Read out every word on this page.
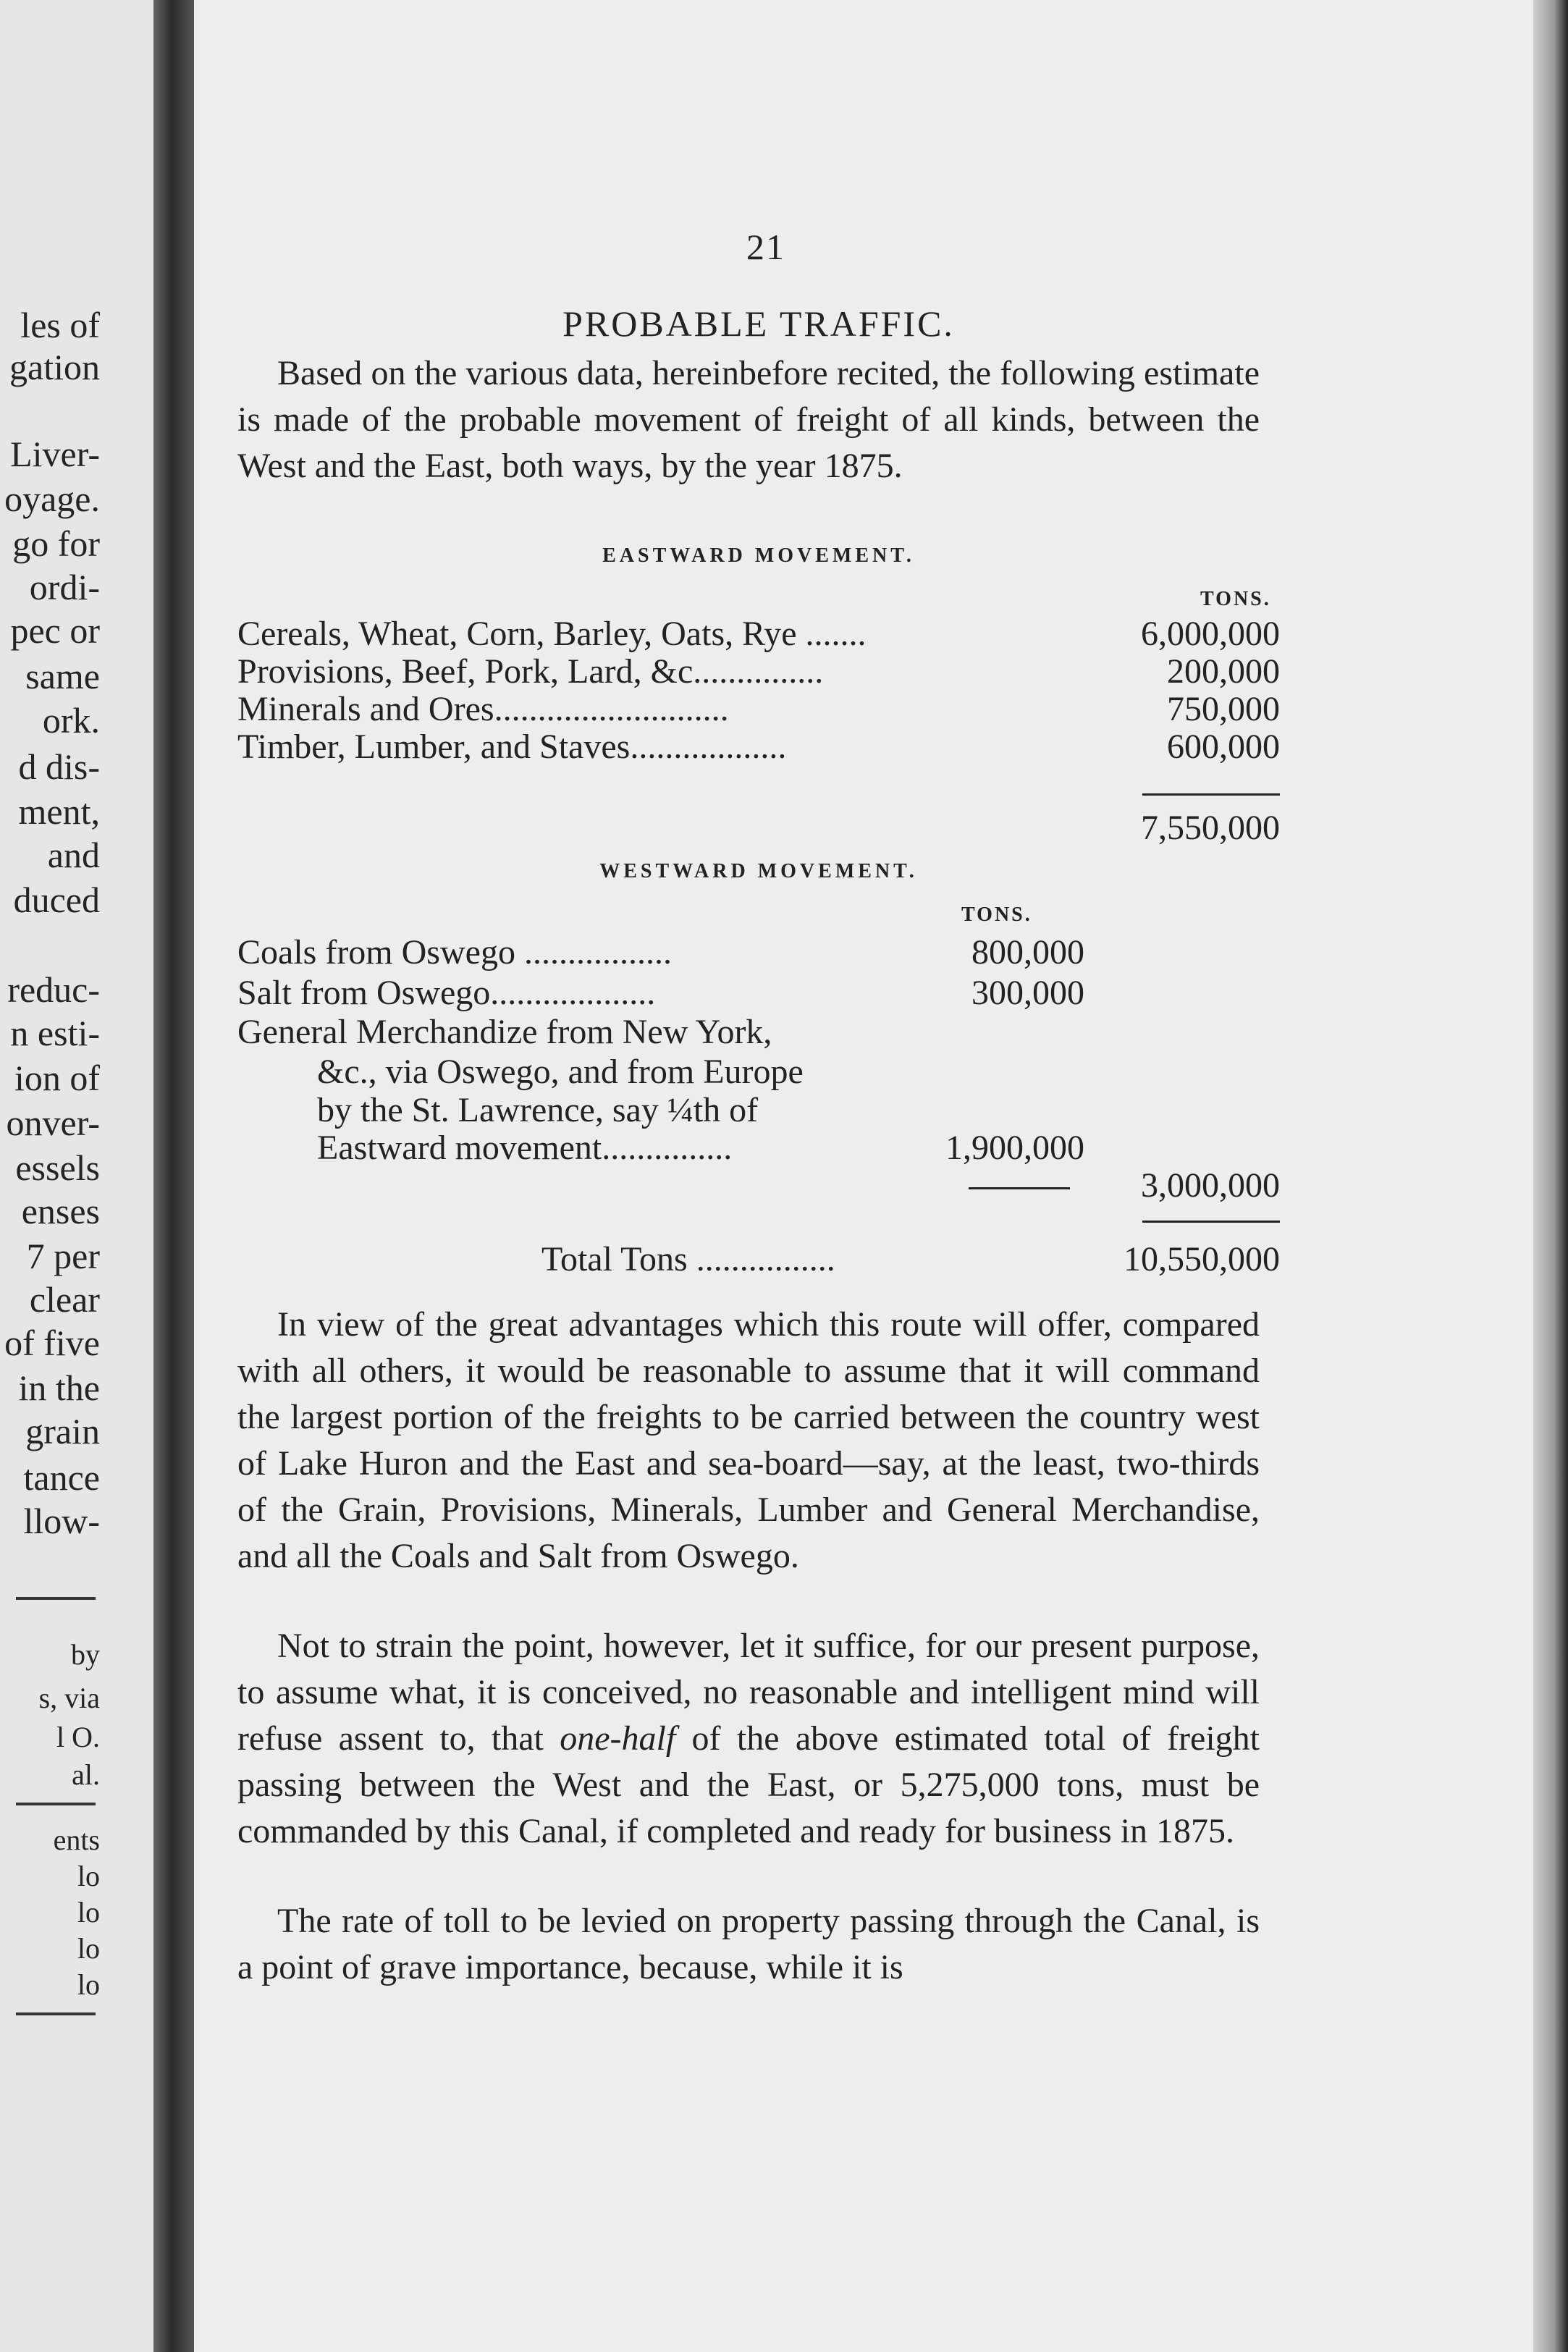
les of
gation
Liver-
oyage.
go for
ordi-
pec or
same
ork.
d dis-
ment,
and
duced
reduc-
n esti-
ion of
onver-
essels
enses
7 per
clear
of five
in the
grain
tance
llow-
by
s, via
l O.
al.
ents
lo
lo
lo
lo
21
PROBABLE TRAFFIC.
Based on the various data, hereinbefore recited, the following estimate is made of the probable movement of freight of all kinds, between the West and the East, both ways, by the year 1875.
EASTWARD MOVEMENT.
TONS.
Cereals, Wheat, Corn, Barley, Oats, Rye .......	6,000,000
Provisions, Beef, Pork, Lard, &c...............	200,000
Minerals and Ores...........................	750,000
Timber, Lumber, and Staves..................	600,000
7,550,000
WESTWARD MOVEMENT.
TONS.
Coals from Oswego .................	800,000
Salt from Oswego...................	300,000
General Merchandize from New York,
&c., via Oswego, and from Europe
by the St. Lawrence, say ¼th of
Eastward movement...............	1,900,000
3,000,000
Total Tons ................	10,550,000
In view of the great advantages which this route will offer, compared with all others, it would be reasonable to assume that it will command the largest portion of the freights to be carried between the country west of Lake Huron and the East and sea-board—say, at the least, two-thirds of the Grain, Provisions, Minerals, Lumber and General Merchandise, and all the Coals and Salt from Oswego.
Not to strain the point, however, let it suffice, for our present purpose, to assume what, it is conceived, no reasonable and intelligent mind will refuse assent to, that one-half of the above estimated total of freight passing between the West and the East, or 5,275,000 tons, must be commanded by this Canal, if completed and ready for business in 1875.
The rate of toll to be levied on property passing through the Canal, is a point of grave importance, because, while it is
